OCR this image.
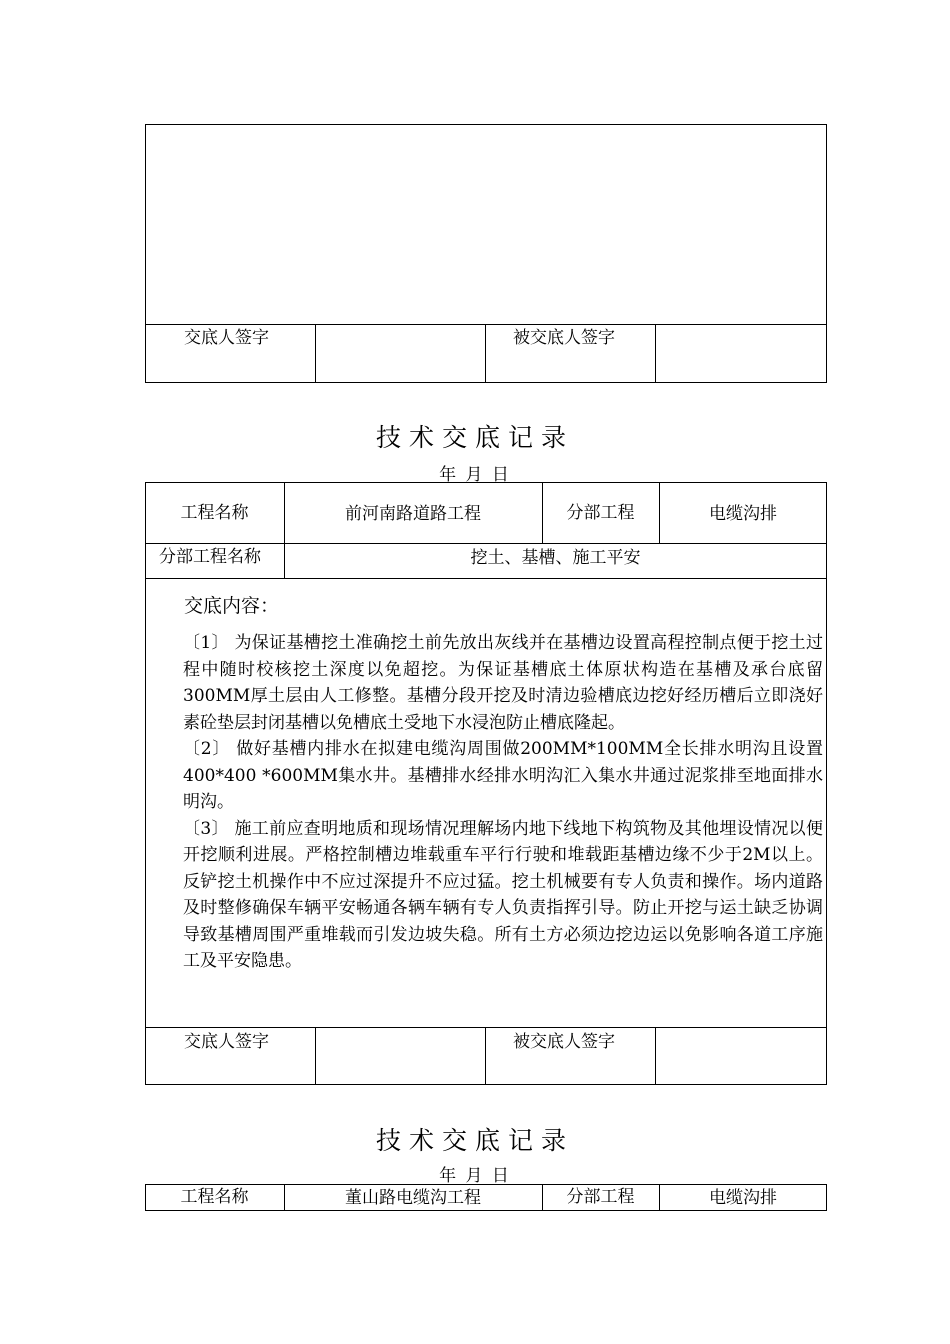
交底人签字	被交底人签字
技术交底记录
年 月 日
工程名称	前河南路道路工程	分部工程	电缆沟排
分部工程名称	挖土、基槽、施工平安
交底内容：

〔1〕 为保证基槽挖土准确挖土前先放出灰线并在基槽边设置高程控制点便于挖土过程中随时校核挖土深度以免超挖。为保证基槽底土体原状构造在基槽及承台底留300MM厚土层由人工修整。基槽分段开挖及时清边验槽底边挖好经历槽后立即浇好素砼垫层封闭基槽以免槽底土受地下水浸泡防止槽底隆起。

〔2〕 做好基槽内排水在拟建电缆沟周围做200MM*100MM全长排水明沟且设置400*400 *600MM集水井。基槽排水经排水明沟汇入集水井通过泥浆排至地面排水明沟。

〔3〕 施工前应查明地质和现场情况理解场内地下线地下构筑物及其他埋设情况以便开挖顺利进展。严格控制槽边堆载重车平行行驶和堆载距基槽边缘不少于2M以上。反铲挖土机操作中不应过深提升不应过猛。挖土机械要有专人负责和操作。场内道路及时整修确保车辆平安畅通各辆车辆有专人负责指挥引导。防止开挖与运土缺乏协调导致基槽周围严重堆载而引发边坡失稳。所有土方必须边挖边运以免影响各道工序施工及平安隐患。

交底人签字	被交底人签字
技术交底记录
年 月 日
工程名称	董山路电缆沟工程	分部工程	电缆沟排
